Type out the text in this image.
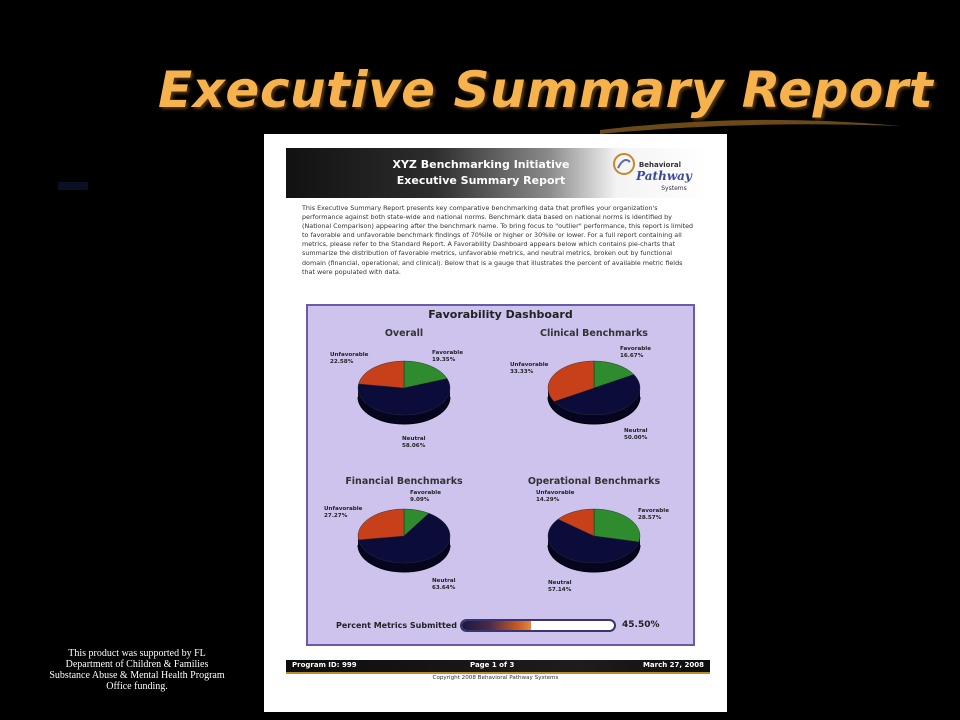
Executive Summary Report
This product was supported by FL Department of Children & Families Substance Abuse & Mental Health Program Office funding.
XYZ Benchmarking Initiative
Executive Summary Report
Behavioral
Pathway
Systems

This Executive Summary Report presents key comparative benchmarking data that profiles your organization's performance against both state-wide and national norms. Benchmark data based on national norms is identified by (National Comparison) appearing after the benchmark name. To bring focus to "outlier" performance, this report is limited to favorable and unfavorable benchmark findings of 70%ile or higher or 30%ile or lower. For a full report containing all metrics, please refer to the Standard Report. A Favorability Dashboard appears below which contains pie-charts that summarize the distribution of favorable metrics, unfavorable metrics, and neutral metrics, broken out by functional domain (financial, operational, and clinical). Below that is a gauge that illustrates the percent of available metric fields that were populated with data.

Favorability Dashboard
Overall
Favorable
19.35%
Unfavorable
22.58%
Neutral
58.06%
Clinical Benchmarks
Favorable
16.67%
Unfavorable
33.33%
Neutral
50.00%
Financial Benchmarks
Favorable
9.09%
Unfavorable
27.27%
Neutral
63.64%
Operational Benchmarks
Unfavorable
14.29%
Favorable
28.57%
Neutral
57.14%
Percent Metrics Submitted	45.50%
Program ID: 999	Page 1 of 3	March 27, 2008
Copyright 2008 Behavioral Pathway Systems
